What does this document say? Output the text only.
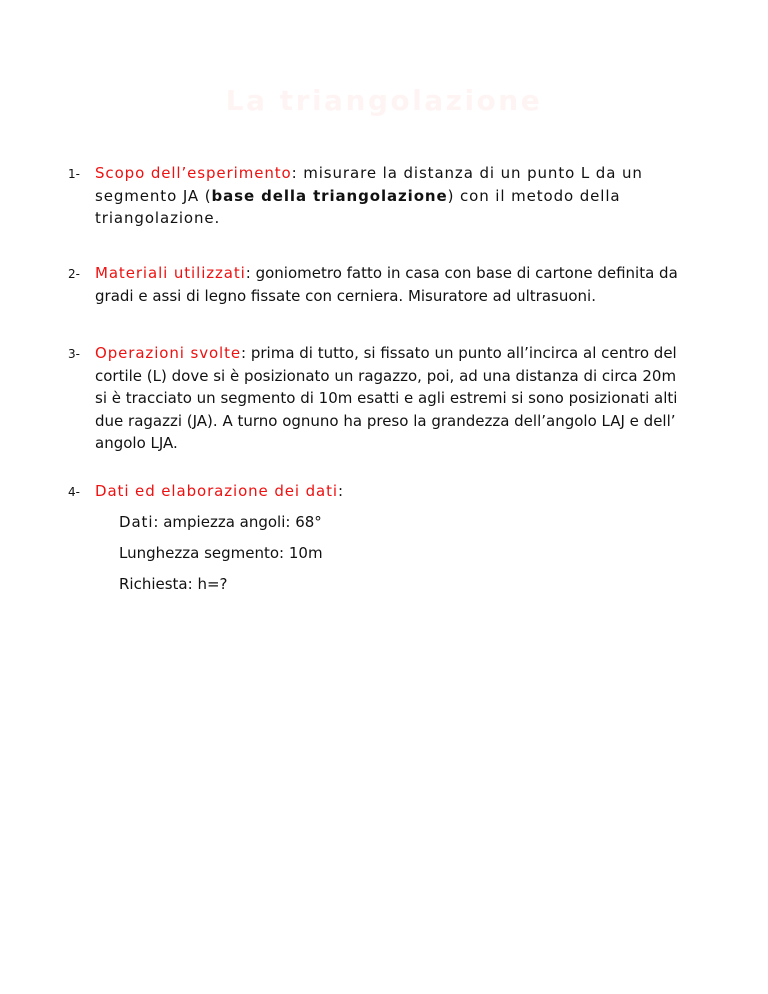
La triangolazione
1- Scopo dell’esperimento: misurare la distanza di un punto L da un segmento JA (base della triangolazione) con il metodo della triangolazione.

2- Materiali utilizzati: goniometro fatto in casa con base di cartone definita da gradi e assi di legno fissate con cerniera. Misuratore ad ultrasuoni.

3- Operazioni svolte: prima di tutto, si fissato un punto all’incirca al centro del cortile (L) dove si è posizionato un ragazzo, poi, ad una distanza di circa 20m si è tracciato un segmento di 10m esatti e agli estremi si sono posizionati alti due ragazzi (JA). A turno ognuno ha preso la grandezza dell’angolo LAJ e dell’ angolo LJA.

4- Dati ed elaborazione dei dati:

Dati: ampiezza angoli: 68°
Lunghezza segmento: 10m
Richiesta: h=?
